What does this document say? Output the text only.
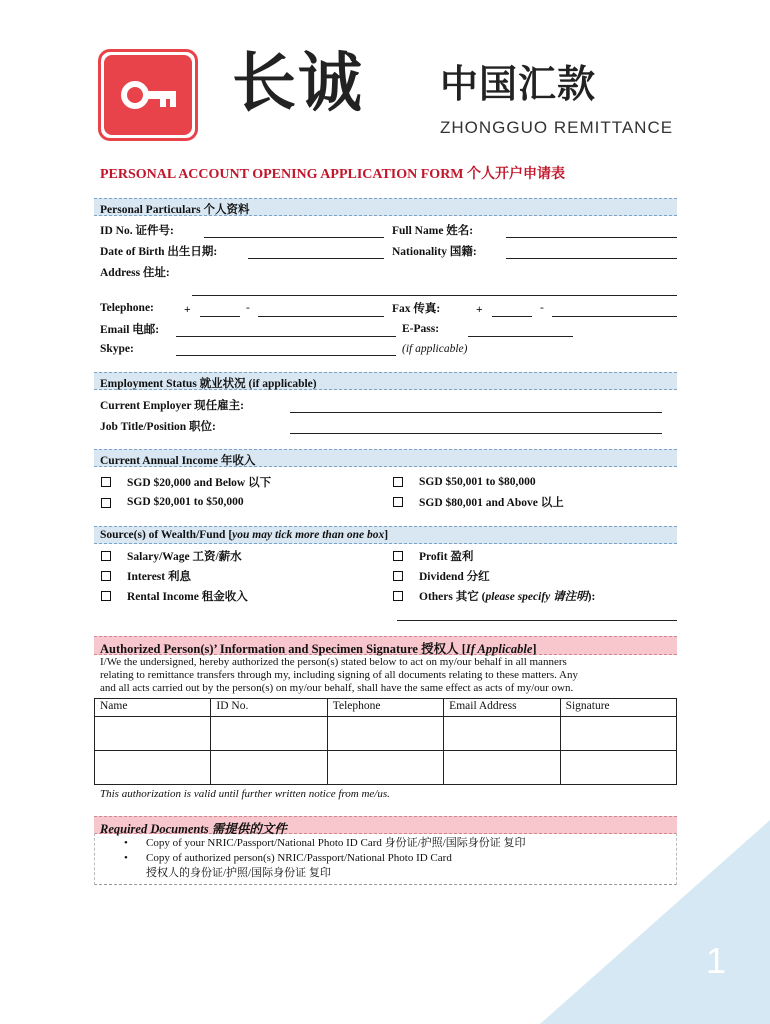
1
长诚 中国汇款
ZHONGGUO REMITTANCE
PERSONAL ACCOUNT OPENING APPLICATION FORM 个人开户申请表
Personal Particulars 个人资料
ID No. 证件号:	Full Name 姓名:
Date of Birth 出生日期:	Nationality 国籍:
Address 住址:
Telephone:	+	-	Fax 传真:	+	-
Email 电邮:	E-Pass:
Skype:	(if applicable)
Employment Status 就业状况 (if applicable)
Current Employer 现任雇主:
Job Title/Position 职位:
Current Annual Income 年收入
SGD $20,000 and Below 以下
SGD $20,001 to $50,000
SGD $50,001 to $80,000
SGD $80,001 and Above 以上
Source(s) of Wealth/Fund [you may tick more than one box]
Salary/Wage 工资/薪水
Interest 利息
Rental Income 租金收入
Profit 盈利
Dividend 分红
Others 其它 (please specify 请注明):
Authorized Person(s)’ Information and Specimen Signature 授权人 [If Applicable]
I/We the undersigned, hereby authorized the person(s) stated below to act on my/our behalf in all manners
relating to remittance transfers through my, including signing of all documents relating to these matters. Any
and all acts carried out by the person(s) on my/our behalf, shall have the same effect as acts of my/our own.
Name	ID No.	Telephone	Email Address	Signature

This authorization is valid until further written notice from me/us.
Required Documents 需提供的文件
• Copy of your NRIC/Passport/National Photo ID Card 身份证/护照/国际身份证 复印
• Copy of authorized person(s) NRIC/Passport/National Photo ID Card
授权人的身份证/护照/国际身份证 复印
